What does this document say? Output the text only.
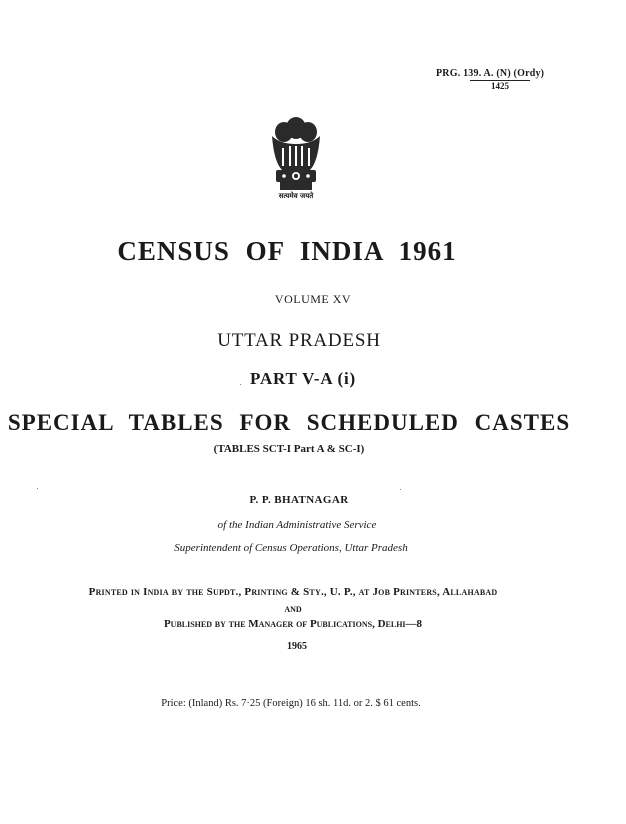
PRG. 139. A. (N) (Ordy)
1425
सत्यमेव जयते
CENSUS OF INDIA 1961
VOLUME XV
UTTAR PRADESH
PART V-A (i)
SPECIAL TABLES FOR SCHEDULED CASTES
(TABLES SCT-I Part A & SC-I)
P. P. BHATNAGAR
of the Indian Administrative Service
Superintendent of Census Operations, Uttar Pradesh
Printed in India by the Supdt., Printing & Sty., U. P., at Job Printers, Allahabad
AND
Published by the Manager of Publications, Delhi—8
1965
Price: (Inland) Rs. 7·25 (Foreign) 16 sh. 11d. or 2. $ 61 cents.
